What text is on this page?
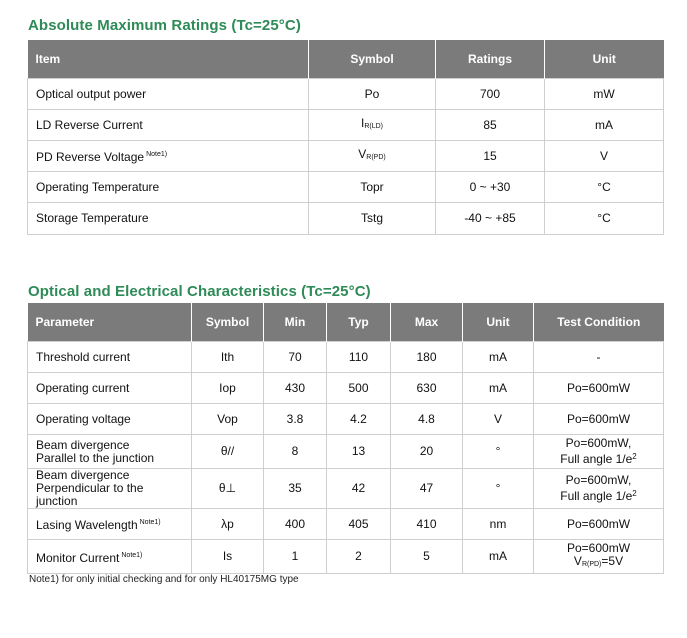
Absolute Maximum Ratings (Tc=25°C)
Item	Symbol	Ratings	Unit
Optical output power	Po	700	mW
LD Reverse Current	$I_{R(LD)}$	85	mA
PD Reverse Voltage $^{Note1)}$	$V_{R(PD)}$	15	V
Operating Temperature	Topr	0 ~ +30	°C
Storage Temperature	Tstg	-40 ~ +85	°C
Optical and Electrical Characteristics (Tc=25°C)
Parameter	Symbol	Min	Typ	Max	Unit	Test Condition
Threshold current	Ith	70	110	180	mA	-
Operating current	Iop	430	500	630	mA	Po=600mW
Operating voltage	Vop	3.8	4.2	4.8	V	Po=600mW
Beam divergence
Parallel to the junction	θ//	8	13	20	°	Po=600mW,
Full angle $1/e^2$
Beam divergence
Perpendicular to the junction	θ⊥	35	42	47	°	Po=600mW,
Full angle $1/e^2$
Lasing Wavelength $^{Note1)}$	λp	400	405	410	nm	Po=600mW
Monitor Current $^{Note1)}$	Is	1	2	5	mA	Po=600mW
$V_{R(PD)}=5V$

Note1) for only initial checking and for only HL40175MG type
